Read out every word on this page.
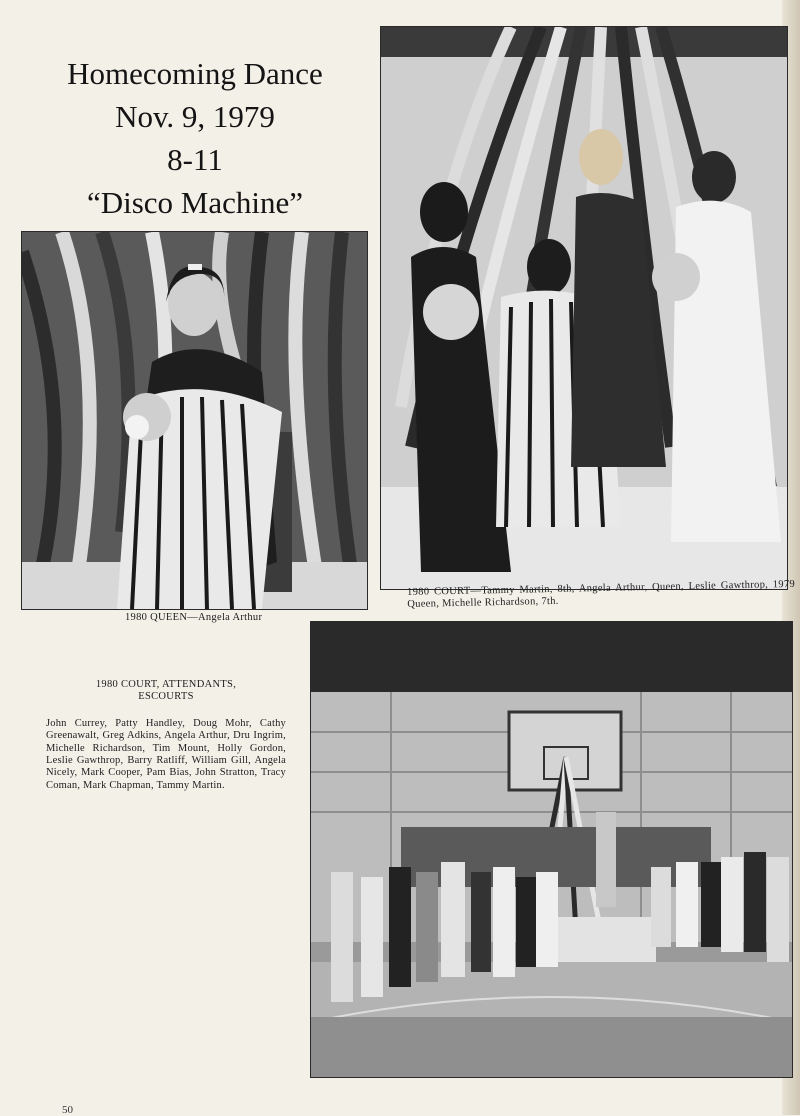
Homecoming Dance
Nov. 9, 1979
8-11
“Disco Machine”
1980 QUEEN—Angela Arthur
1980 COURT—Tammy Martin, 8th, Angela Arthur, Queen, Leslie Gawthrop, 1979 Queen, Michelle Richardson, 7th.
1980 COURT, ATTENDANTS,
ESCOURTS
John Currey, Patty Handley, Doug Mohr, Cathy Greenawalt, Greg Adkins, Angela Arthur, Dru Ingrim, Michelle Richardson, Tim Mount, Holly Gordon, Leslie Gawthrop, Barry Ratliff, William Gill, Angela Nicely, Mark Cooper, Pam Bias, John Stratton, Tracy Coman, Mark Chapman, Tammy Martin.
50
